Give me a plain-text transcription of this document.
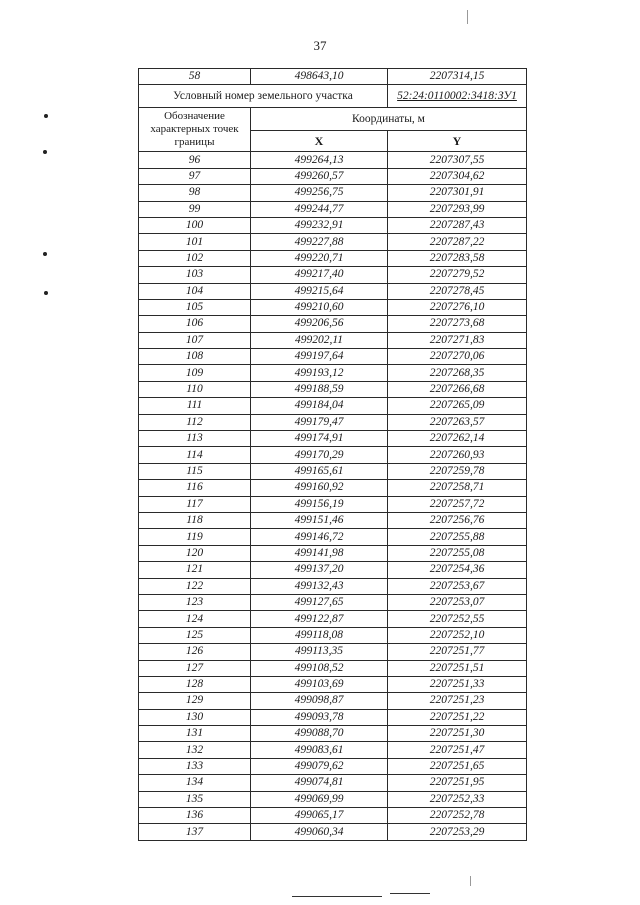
37
58	498643,10	2207314,15
Условный номер земельного участка		52:24:0110002:3418:ЗУ1
Обозначение характерных точек границы	Координаты, м	
	X	Y
96	499264,13	2207307,55
97	499260,57	2207304,62
98	499256,75	2207301,91
99	499244,77	2207293,99
100	499232,91	2207287,43
101	499227,88	2207287,22
102	499220,71	2207283,58
103	499217,40	2207279,52
104	499215,64	2207278,45
105	499210,60	2207276,10
106	499206,56	2207273,68
107	499202,11	2207271,83
108	499197,64	2207270,06
109	499193,12	2207268,35
110	499188,59	2207266,68
111	499184,04	2207265,09
112	499179,47	2207263,57
113	499174,91	2207262,14
114	499170,29	2207260,93
115	499165,61	2207259,78
116	499160,92	2207258,71
117	499156,19	2207257,72
118	499151,46	2207256,76
119	499146,72	2207255,88
120	499141,98	2207255,08
121	499137,20	2207254,36
122	499132,43	2207253,67
123	499127,65	2207253,07
124	499122,87	2207252,55
125	499118,08	2207252,10
126	499113,35	2207251,77
127	499108,52	2207251,51
128	499103,69	2207251,33
129	499098,87	2207251,23
130	499093,78	2207251,22
131	499088,70	2207251,30
132	499083,61	2207251,47
133	499079,62	2207251,65
134	499074,81	2207251,95
135	499069,99	2207252,33
136	499065,17	2207252,78
137	499060,34	2207253,29
